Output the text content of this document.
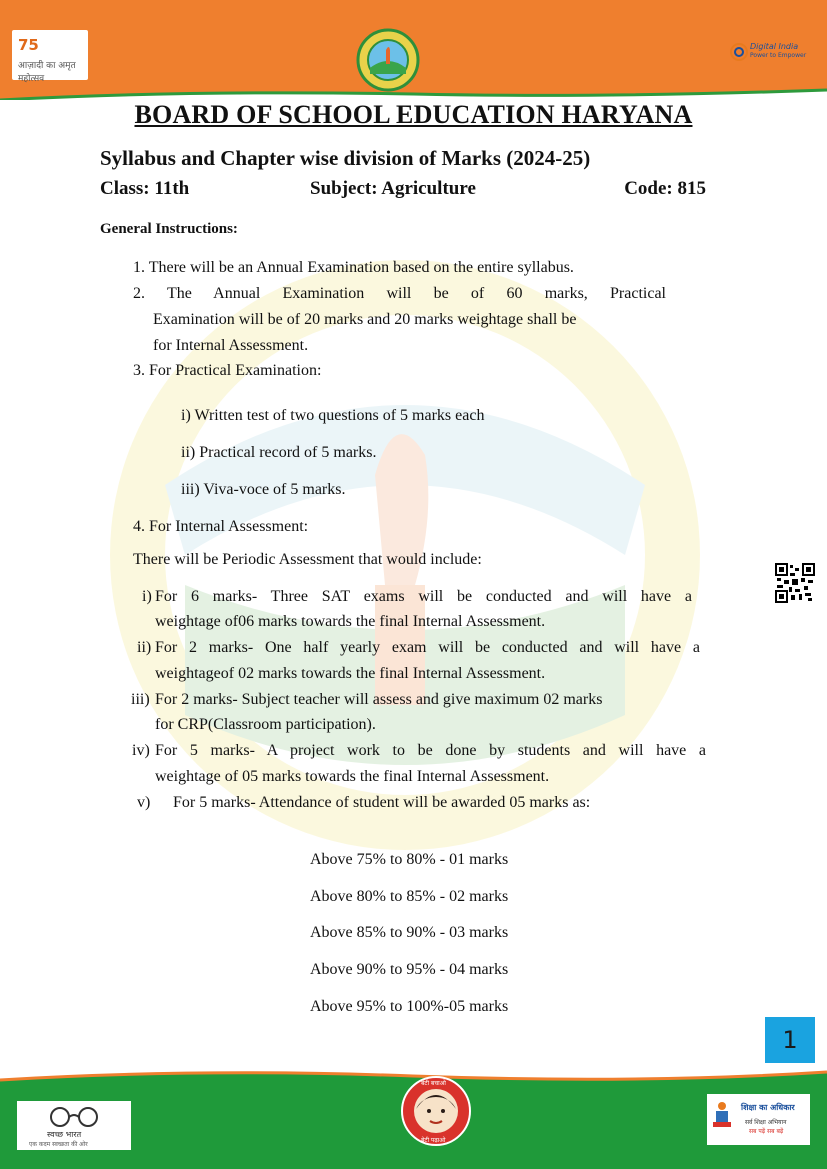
75
आज़ादी का अमृत महोत्सव
Digital India
Power to Empower
BOARD OF SCHOOL EDUCATION HARYANA
Syllabus and Chapter wise division of Marks (2024-25)
Class: 11th	Subject: Agriculture	Code: 815
General Instructions:
1. There will be an Annual Examination based on the entire syllabus.
2. The Annual Examination will be of 60 marks, Practical
Examination will be of 20 marks and 20 marks weightage shall be
for Internal Assessment.
3. For Practical Examination:
i) Written test of two questions of 5 marks each
ii) Practical record of 5 marks.
iii) Viva-voce of 5 marks.
4. For Internal Assessment:
There will be Periodic Assessment that would include:
i) For 6 marks- Three SAT exams will be conducted and will have a
weightage of06 marks towards the final Internal Assessment.
ii) For 2 marks- One half yearly exam will be conducted and will have a
weightageof 02 marks towards the final Internal Assessment.
iii) For 2 marks- Subject teacher will assess and give maximum 02 marks
for CRP(Classroom participation).
iv) For 5 marks- A project work to be done by students and will have a
weightage of 05 marks towards the final Internal Assessment.
v) For 5 marks- Attendance of student will be awarded 05 marks as:
Above 75% to 80% - 01 marks
Above 80% to 85% - 02 marks
Above 85% to 90% - 03 marks
Above 90% to 95% - 04 marks
Above 95% to 100%-05 marks
1
स्वच्छ भारत
एक कदम स्वच्छता की ओर
बेटी बचाओ
बेटी पढ़ाओ
शिक्षा का अधिकार
सर्व शिक्षा अभियान
सब पढ़ें सब बढ़ें
